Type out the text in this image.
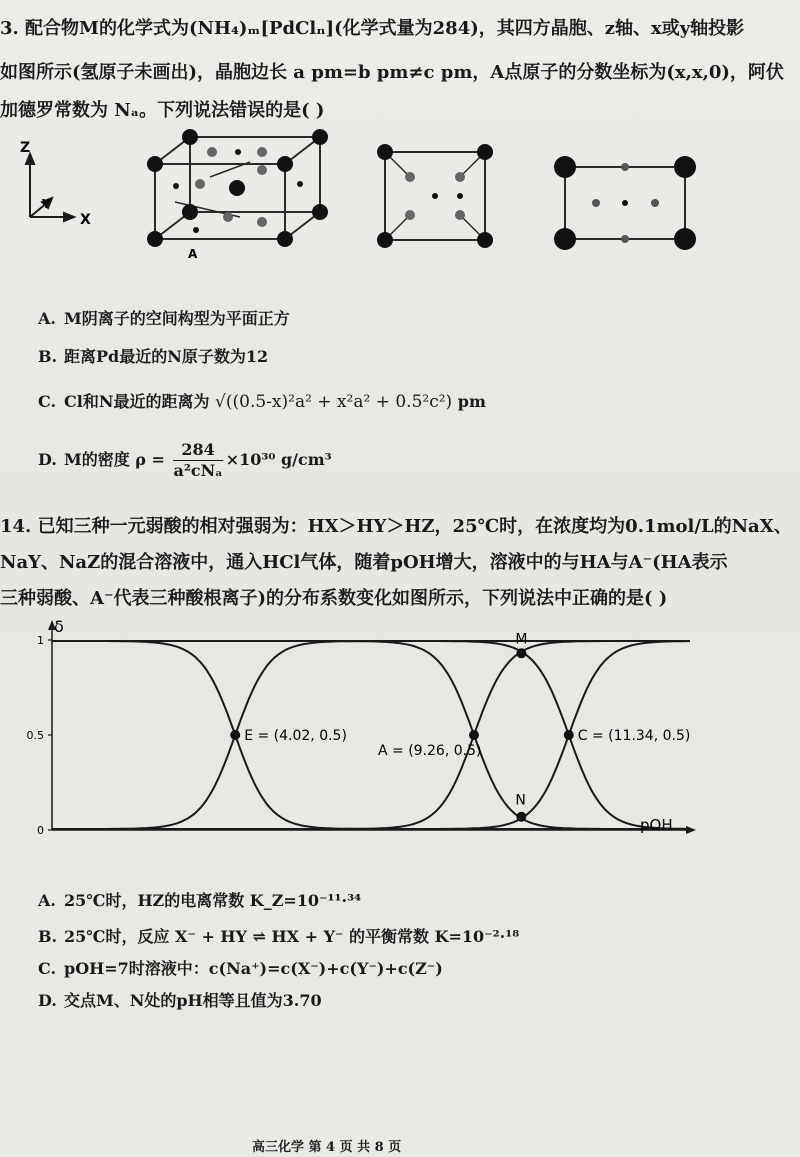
3. 配合物M的化学式为(NH₄)ₘ[PdClₙ](化学式量为284)，其四方晶胞、z轴、x或y轴投影
如图所示(氢原子未画出)，晶胞边长 a pm=b pm≠c pm，A点原子的分数坐标为(x,x,0)，阿伏
加德罗常数为 Nₐ。下列说法错误的是( )
Z
Y
X
A
A. M阴离子的空间构型为平面正方
B. 距离Pd最近的N原子数为12
C. Cl和N最近的距离为 √((0.5-x)²a² + x²a² + 0.5²c²) pm
D. M的密度 $\rho = \frac{284}{\text{a²cNₐ}} \times 10^{30}$ g/cm³
14. 已知三种一元弱酸的相对强弱为：HX＞HY＞HZ，25℃时，在浓度均为0.1mol/L的NaX、
NaY、NaZ的混合溶液中，通入HCl气体，随着pOH增大，溶液中的与HA与A⁻(HA表示
三种弱酸、A⁻代表三种酸根离子)的分布系数变化如图所示，下列说法中正确的是( )
1
0.5
0
E = (4.02, 0.5)
A = (9.26, 0.5)
C = (11.34, 0.5)
M
N
δ
pOH
A. 25℃时，HZ的电离常数 K_Z=10⁻¹¹·³⁴
B. 25℃时，反应 X⁻ + HY ⇌ HX + Y⁻ 的平衡常数 K=10⁻²·¹⁸
C. pOH=7时溶液中：c(Na⁺)=c(X⁻)+c(Y⁻)+c(Z⁻)
D. 交点M、N处的pH相等且值为3.70
高三化学 第 4 页 共 8 页
